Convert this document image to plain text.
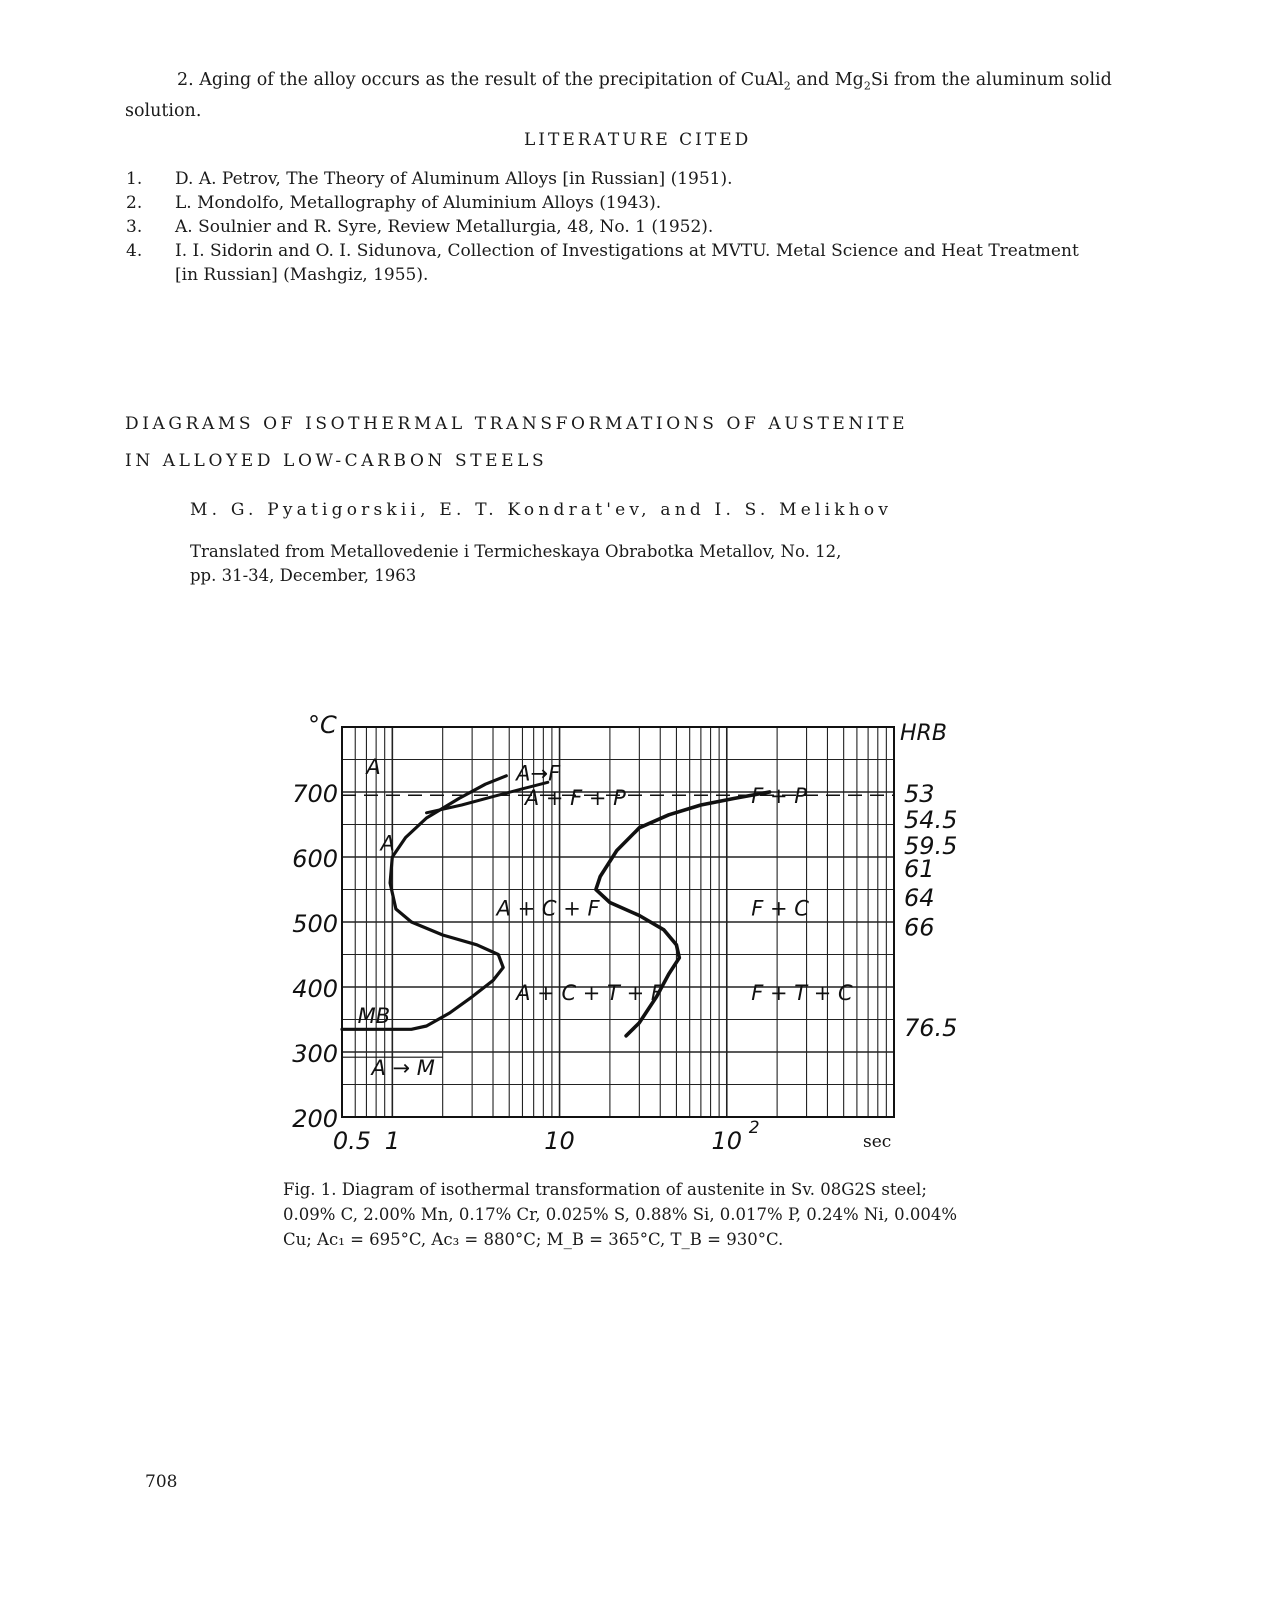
2. Aging of the alloy occurs as the result of the precipitation of CuAl$_2$ and $Mg_2Si$ from the aluminum solid
solution.
LITERATURE CITED
1.	D. A. Petrov, The Theory of Aluminum Alloys [in Russian] (1951).
2.	L. Mondolfo, Metallography of Aluminium Alloys (1943).
3.	A. Soulnier and R. Syre, Review Metallurgia, 48, No. 1 (1952).
4.	I. I. Sidorin and O. I. Sidunova, Collection of Investigations at MVTU. Metal Science and Heat Treatment
[in Russian] (Mashgiz, 1955).
DIAGRAMS OF ISOTHERMAL TRANSFORMATIONS OF AUSTENITE
IN ALLOYED LOW-CARBON STEELS
M. G. Pyatigorskii, E. T. Kondrat'ev, and I. S. Melikhov
Translated from Metallovedenie i Termicheskaya Obrabotka Metallov, No. 12,
pp. 31-34, December, 1963
A	A→F
A + F + P
A
A + C + F	F + C
F + P
A + C + T + F	F + T + C
MB
A → M
°C
700
600
500
400
300
200
HRB
53
54.5
59.5
61
64
66
76.5
0.5 1	10	10 2
sec
Fig. 1. Diagram of isothermal transformation of austenite in Sv. 08G2S steel;
0.09% C, 2.00% Mn, 0.17% Cr, 0.025% S, 0.88% Si, 0.017% P, 0.24% Ni, 0.004%
Cu; Ac₁ = 695°C, Ac₃ = 880°C; M_B = 365°C, T_B = 930°C.
708
